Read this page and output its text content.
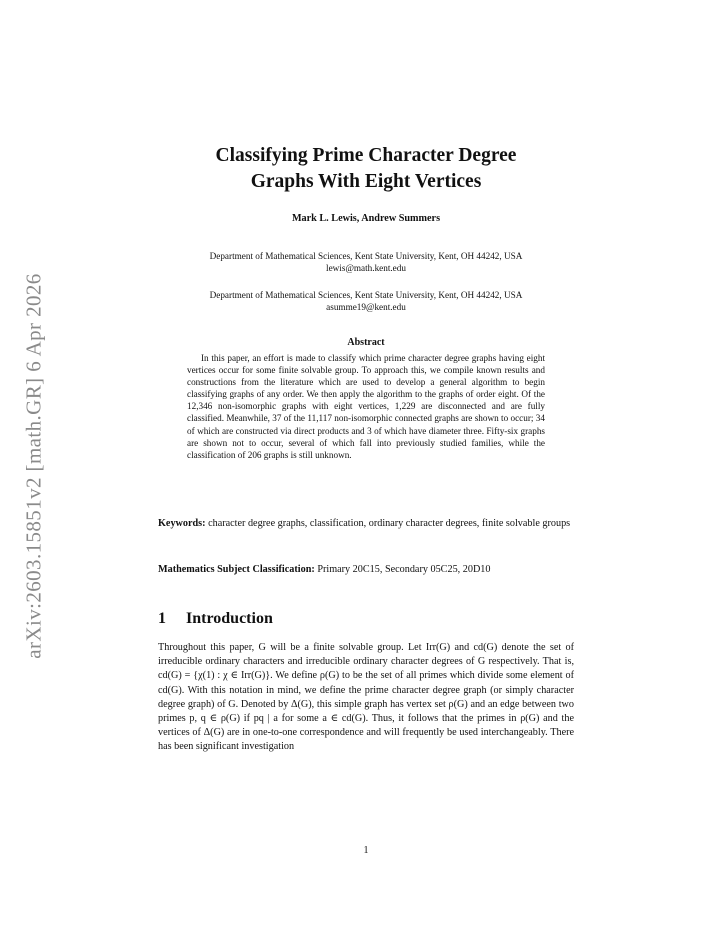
arXiv:2603.15851v2 [math.GR] 6 Apr 2026
Classifying Prime Character Degree
Graphs With Eight Vertices
Mark L. Lewis, Andrew Summers
Department of Mathematical Sciences, Kent State University, Kent, OH 44242, USA
lewis@math.kent.edu
Department of Mathematical Sciences, Kent State University, Kent, OH 44242, USA
asumme19@kent.edu
Abstract
In this paper, an effort is made to classify which prime character degree graphs having eight vertices occur for some finite solvable group. To approach this, we compile known results and constructions from the literature which are used to develop a general algorithm to begin classifying graphs of any order. We then apply the algorithm to the graphs of order eight. Of the 12,346 non-isomorphic graphs with eight vertices, 1,229 are disconnected and are fully classified. Meanwhile, 37 of the 11,117 non-isomorphic connected graphs are shown to occur; 34 of which are constructed via direct products and 3 of which have diameter three. Fifty-six graphs are shown not to occur, several of which fall into previously studied families, while the classification of 206 graphs is still unknown.
Keywords: character degree graphs, classification, ordinary character degrees, finite solvable groups
Mathematics Subject Classification: Primary 20C15, Secondary 05C25, 20D10
1 Introduction
Throughout this paper, G will be a finite solvable group. Let Irr(G) and cd(G) denote the set of irreducible ordinary characters and irreducible ordinary character degrees of G respectively. That is, cd(G) = {χ(1) : χ ∈ Irr(G)}. We define ρ(G) to be the set of all primes which divide some element of cd(G). With this notation in mind, we define the prime character degree graph (or simply character degree graph) of G. Denoted by Δ(G), this simple graph has vertex set ρ(G) and an edge between two primes p, q ∈ ρ(G) if pq | a for some a ∈ cd(G). Thus, it follows that the primes in ρ(G) and the vertices of Δ(G) are in one-to-one correspondence and will frequently be used interchangeably. There has been significant investigation
1
